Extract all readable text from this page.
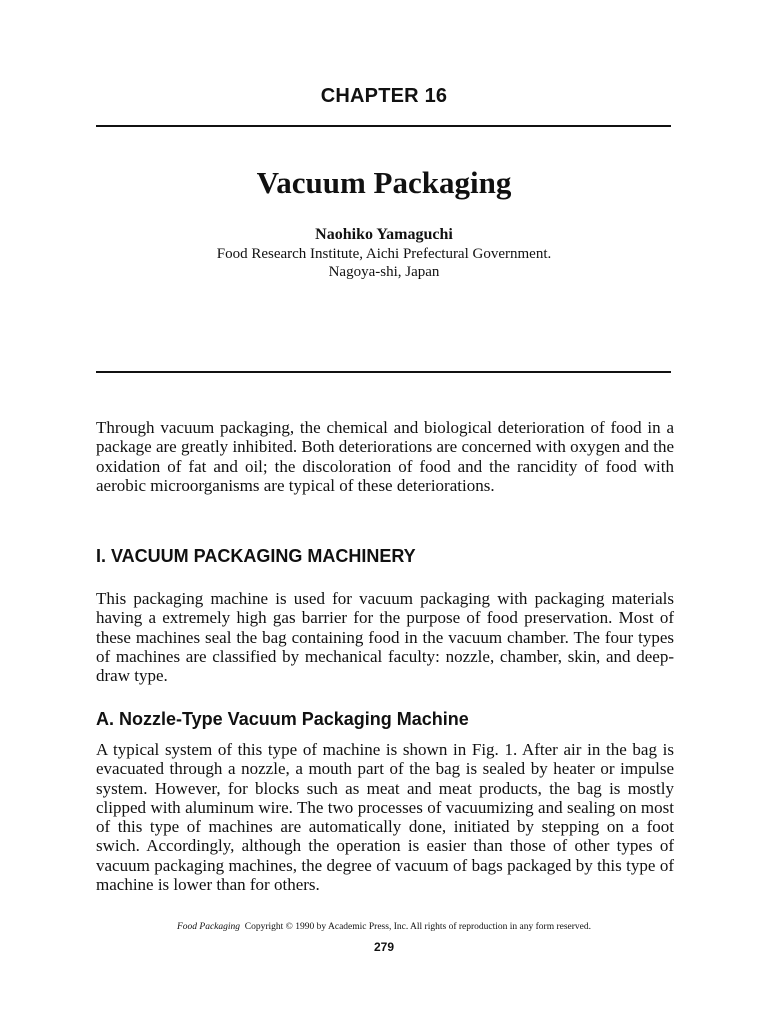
CHAPTER 16
Vacuum Packaging
Naohiko Yamaguchi
Food Research Institute, Aichi Prefectural Government.
Nagoya-shi, Japan

Through vacuum packaging, the chemical and biological deterioration of food in a package are greatly inhibited. Both deteriorations are concerned with oxygen and the oxidation of fat and oil; the discoloration of food and the rancidity of food with aerobic microorganisms are typical of these deteriorations.

I. VACUUM PACKAGING MACHINERY

This packaging machine is used for vacuum packaging with packaging materials having a extremely high gas barrier for the purpose of food preservation. Most of these machines seal the bag containing food in the vacuum chamber. The four types of machines are classified by mechanical faculty: nozzle, chamber, skin, and deep-draw type.

A. Nozzle-Type Vacuum Packaging Machine

A typical system of this type of machine is shown in Fig. 1. After air in the bag is evacuated through a nozzle, a mouth part of the bag is sealed by heater or impulse system. However, for blocks such as meat and meat products, the bag is mostly clipped with aluminum wire. The two processes of vacuumizing and sealing on most of this type of machines are automatically done, initiated by stepping on a foot swich. Accordingly, although the operation is easier than those of other types of vacuum packaging machines, the degree of vacuum of bags packaged by this type of machine is lower than for others.

Food Packaging Copyright © 1990 by Academic Press, Inc. All rights of reproduction in any form reserved.
279
